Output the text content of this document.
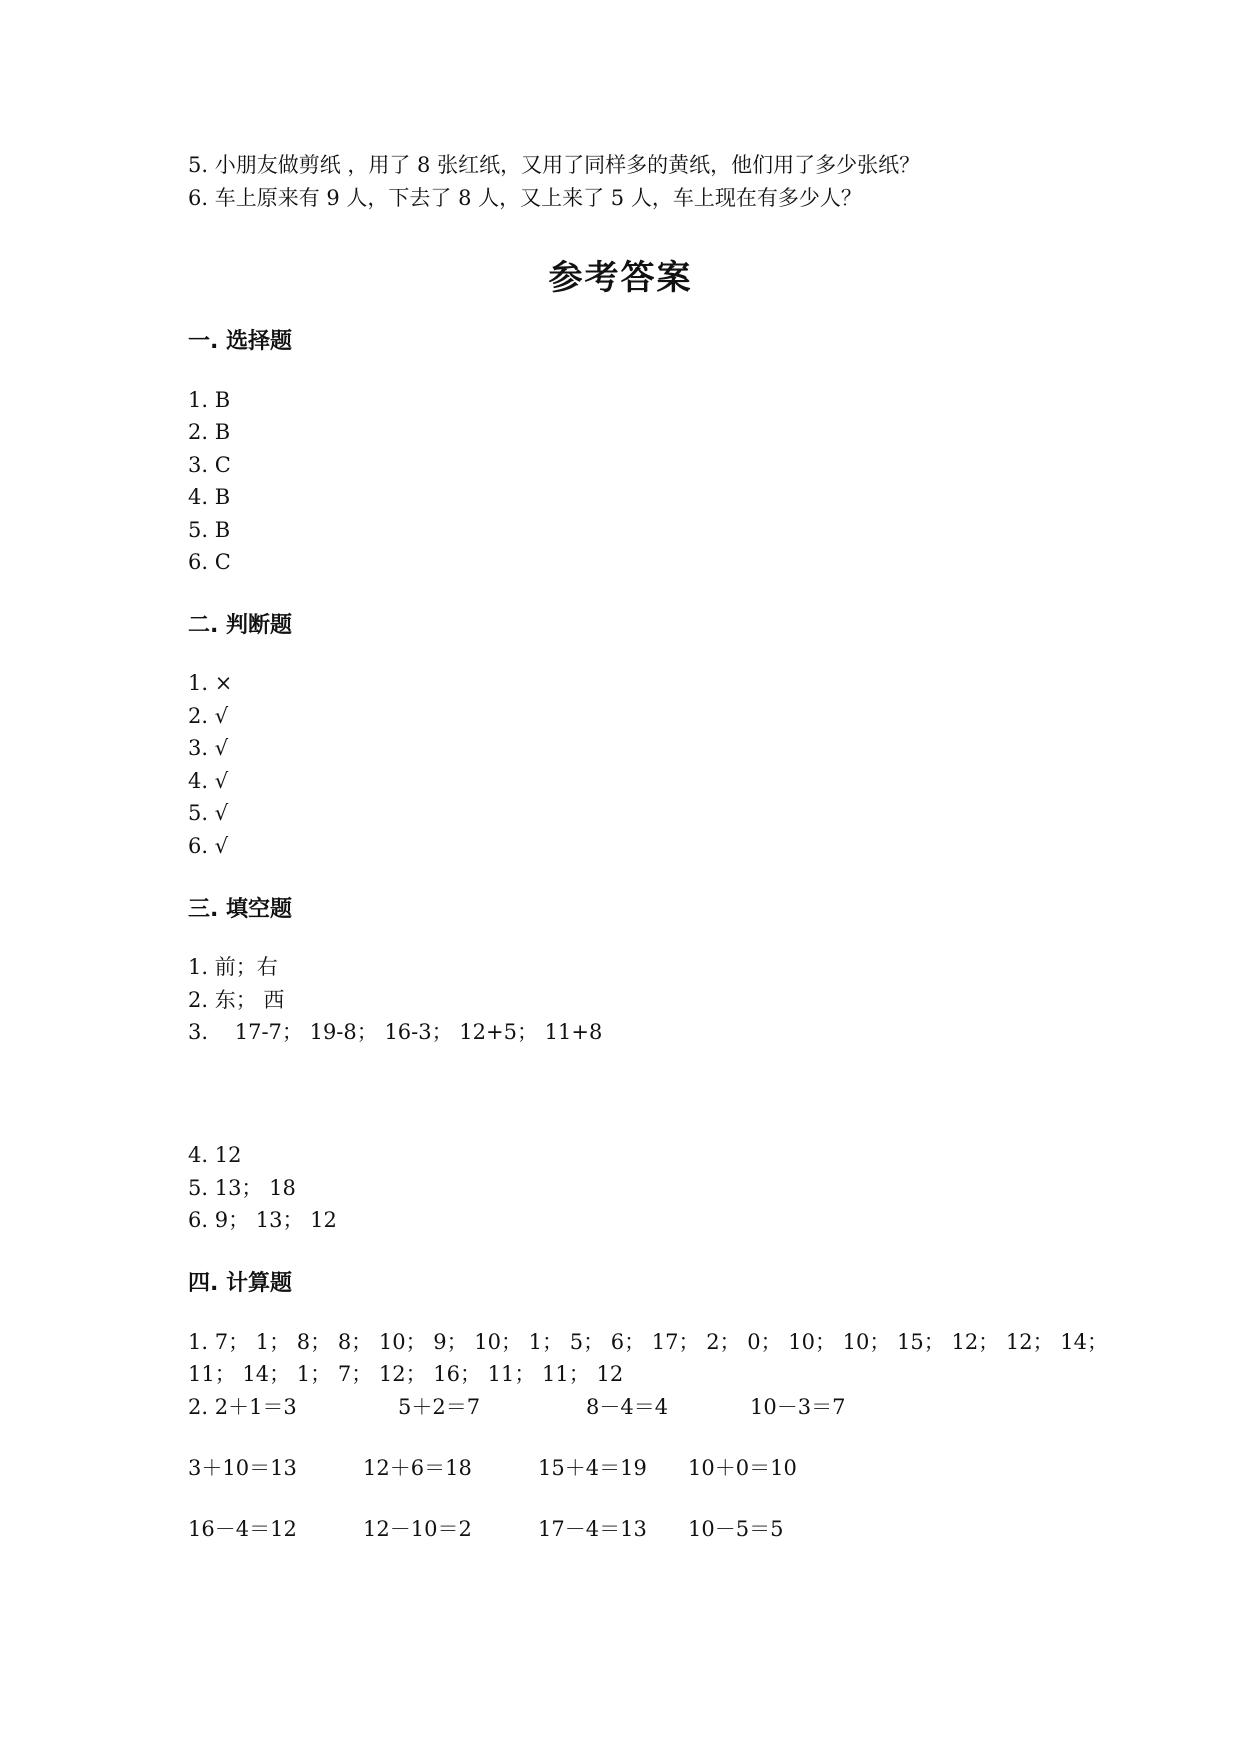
5. 小朋友做剪纸 ，用了 8 张红纸，又用了同样多的黄纸，他们用了多少张纸？
6. 车上原来有 9 人，下去了 8 人，又上来了 5 人，车上现在有多少人？
参考答案
一. 选择题
1. B
2. B
3. C
4. B
5. B
6. C
二. 判断题
1. ×
2. √
3. √
4. √
5. √
6. √
三. 填空题
1. 前；右
2. 东； 西
3.    17-7； 19-8； 16-3； 12+5； 11+8
4. 12
5. 13； 18
6. 9； 13； 12
四. 计算题
1. 7； 1； 8； 8； 10； 9； 10； 1； 5； 6； 17； 2； 0； 10； 10； 15； 12； 12； 14；
11； 14； 1； 7； 12； 16； 11； 11； 12
2. 2＋1＝3	5＋2＝7	8－4＝4	10－3＝7
3＋10＝13	12＋6＝18	15＋4＝19 10＋0＝10
16－4＝12	12－10＝2	17－4＝13 10－5＝5
